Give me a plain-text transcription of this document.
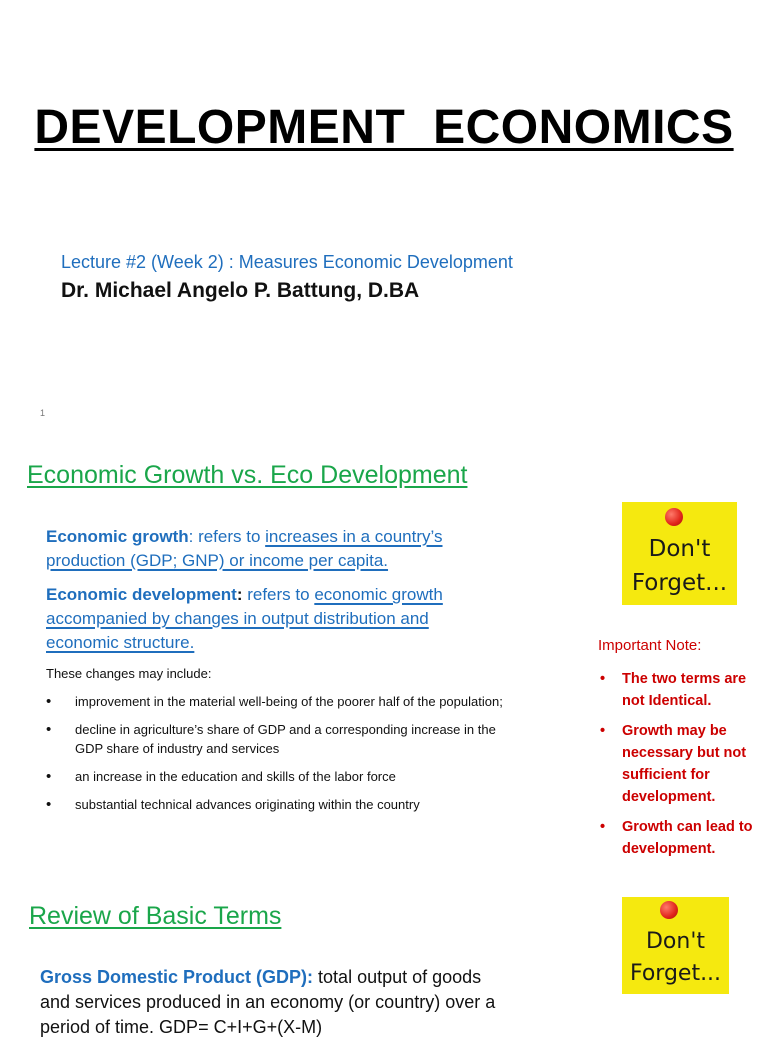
DEVELOPMENT ECONOMICS
Lecture #2 (Week 2) : Measures Economic Development
Dr. Michael Angelo P. Battung, D.BA
1
Economic Growth vs. Eco Development
Economic growth: refers to increases in a country’s production (GDP; GNP) or income per capita.
Economic development: refers to economic growth accompanied by changes in output distribution and economic structure.
These changes may include:
• improvement in the material well-being of the poorer half of the population;
• decline in agriculture’s share of GDP and a corresponding increase in the GDP share of industry and services
• an increase in the education and skills of the labor force
• substantial technical advances originating within the country
Don't
Forget...
Important Note:
• The two terms are not Identical.
• Growth may be necessary but not sufficient for development.
• Growth can lead to development.
Review of Basic Terms
Gross Domestic Product (GDP): total output of goods and services produced in an economy (or country) over a period of time. GDP= C+I+G+(X-M)
Don't
Forget...
